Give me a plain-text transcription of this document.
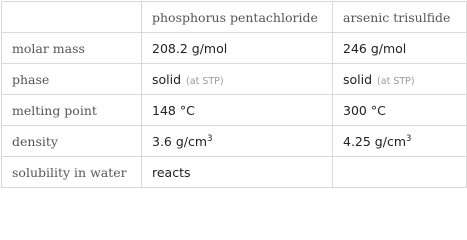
	phosphorus pentachloride	arsenic trisulfide
molar mass	208.2 g/mol	246 g/mol
phase	solid (at STP)	solid (at STP)
melting point	148 °C	300 °C
density	3.6 $g/cm^3$	4.25 $g/cm^3$
solubility in water	reacts	
